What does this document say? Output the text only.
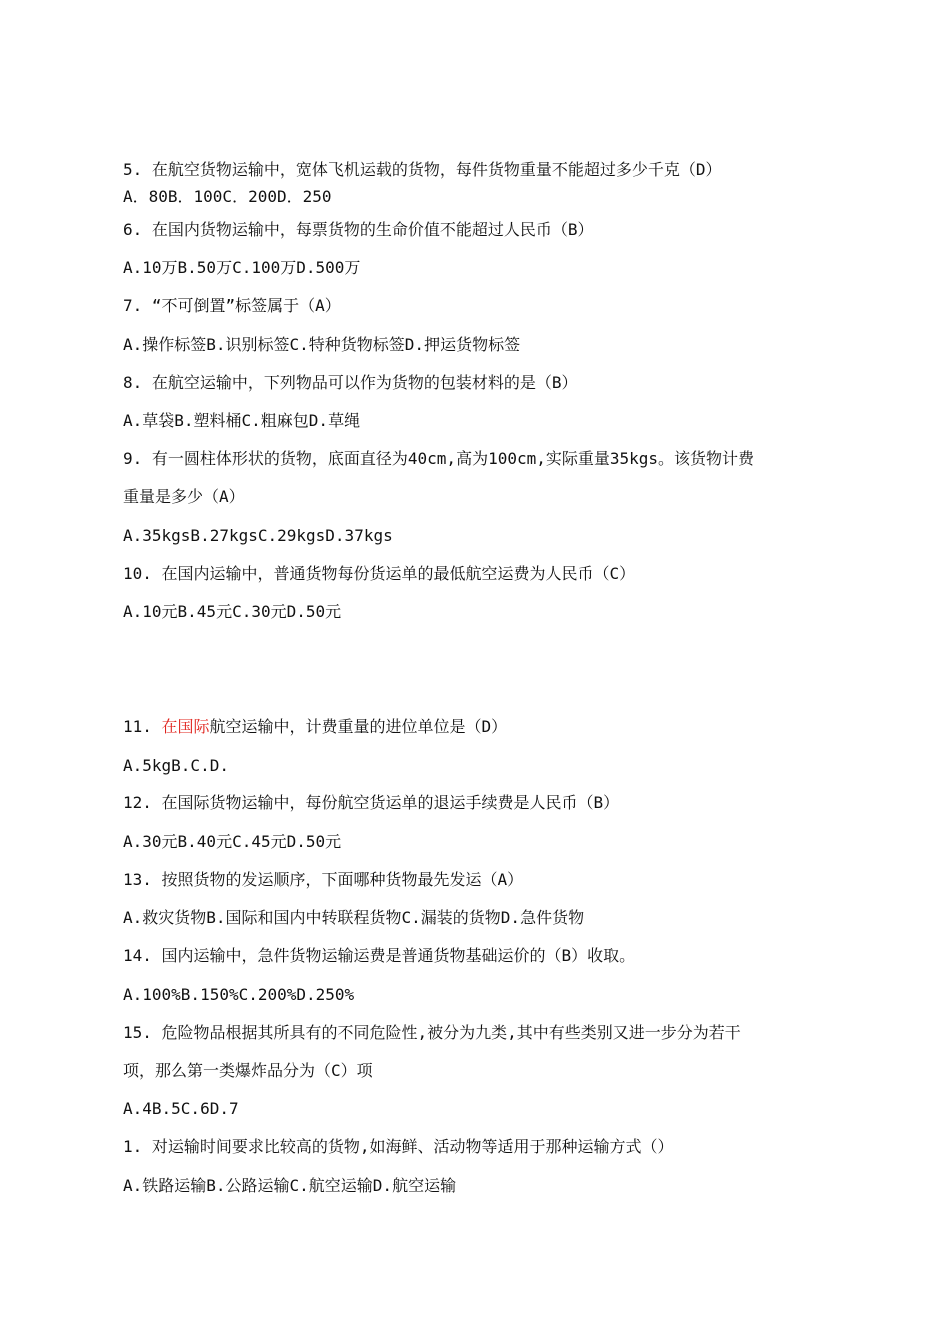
5. 在航空货物运输中，宽体飞机运载的货物，每件货物重量不能超过多少千克（D）

A．80B．100C．200D．250

6. 在国内货物运输中，每票货物的生命价值不能超过人民币（B）

A.10万B.50万C.100万D.500万

7. “不可倒置”标签属于（A）

A.操作标签B.识别标签C.特种货物标签D.押运货物标签

8. 在航空运输中，下列物品可以作为货物的包装材料的是（B）

A.草袋B.塑料桶C.粗麻包D.草绳

9. 有一圆柱体形状的货物，底面直径为40cm,高为100cm,实际重量35kgs。该货物计费

重量是多少（A）

A.35kgsB.27kgsC.29kgsD.37kgs

10. 在国内运输中，普通货物每份货运单的最低航空运费为人民币（C）

A.10元B.45元C.30元D.50元

11. 在国际航空运输中，计费重量的进位单位是（D）

A.5kgB.C.D.

12. 在国际货物运输中，每份航空货运单的退运手续费是人民币（B）

A.30元B.40元C.45元D.50元

13. 按照货物的发运顺序，下面哪种货物最先发运（A）

A.救灾货物B.国际和国内中转联程货物C.漏装的货物D.急件货物

14. 国内运输中，急件货物运输运费是普通货物基础运价的（B）收取。

A.100%B.150%C.200%D.250%

15. 危险物品根据其所具有的不同危险性,被分为九类,其中有些类别又进一步分为若干

项，那么第一类爆炸品分为（C）项

A.4B.5C.6D.7

1. 对运输时间要求比较高的货物,如海鲜、活动物等适用于那种运输方式（）

A.铁路运输B.公路运输C.航空运输D.航空运输
